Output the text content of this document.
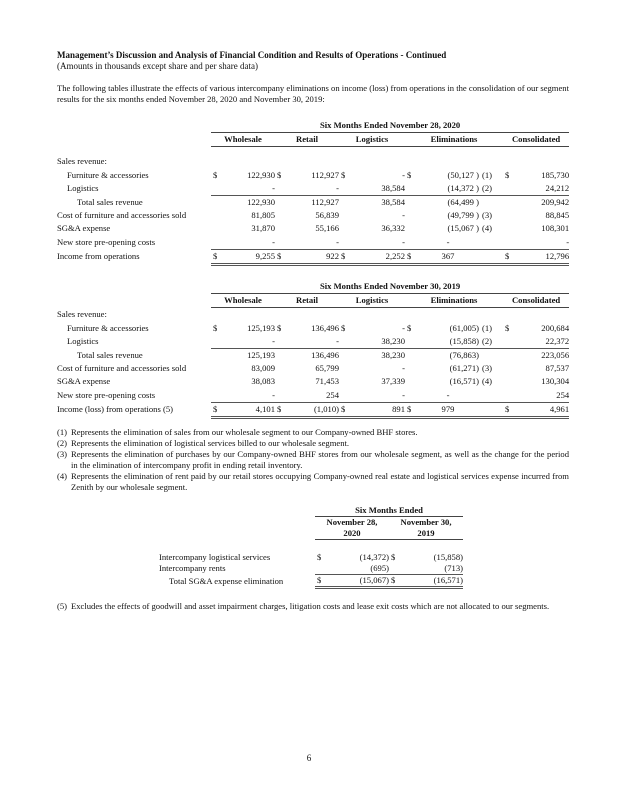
Management’s Discussion and Analysis of Financial Condition and Results of Operations - Continued
(Amounts in thousands except share and per share data)
The following tables illustrate the effects of various intercompany eliminations on income (loss) from operations in the consolidation of our segment results for the six months ended November 28, 2020 and November 30, 2019:
	Six Months Ended November 28, 2020										
	Wholesale		Retail		Logistics		Eliminations			Consolidated	

Sales revenue:											
Furniture & accessories	$	122,930	$	112,927	$	-	$	(50,127 )	(1)	$	185,730
Logistics		-		-		38,584		(14,372 )	(2)		24,212
Total sales revenue		122,930		112,927		38,584		(64,499 )			209,942
Cost of furniture and accessories sold		81,805		56,839		-		(49,799 )	(3)		88,845
SG&A expense		31,870		55,166		36,332		(15,067 )	(4)		108,301
New store pre-opening costs		-		-		-		-			-
Income from operations	$	9,255	$	922	$	2,252	$	367		$	12,796
	Six Months Ended November 30, 2019										
	Wholesale		Retail		Logistics		Eliminations			Consolidated	
Sales revenue:											
Furniture & accessories	$	125,193	$	136,496	$	-	$	(61,005)	(1)	$	200,684
Logistics		-		-		38,230		(15,858)	(2)		22,372
Total sales revenue		125,193		136,496		38,230		(76,863)			223,056
Cost of furniture and accessories sold		83,009		65,799		-		(61,271)	(3)		87,537
SG&A expense		38,083		71,453		37,339		(16,571)	(4)		130,304
New store pre-opening costs		-		254		-		-			254
Income (loss) from operations (5)	$	4,101	$	(1,010)	$	891	$	979		$	4,961
(1) Represents the elimination of sales from our wholesale segment to our Company-owned BHF stores.
(2) Represents the elimination of logistical services billed to our wholesale segment.
(3) Represents the elimination of purchases by our Company-owned BHF stores from our wholesale segment, as well as the change for the period in the elimination of intercompany profit in ending retail inventory.
(4) Represents the elimination of rent paid by our retail stores occupying Company-owned real estate and logistical services expense incurred from Zenith by our wholesale segment.
	Six Months Ended			
	November 28,		November 30,	
	2020		2019	

Intercompany logistical services	$	(14,372)	$	(15,858)
Intercompany rents		(695)		(713)
Total SG&A expense elimination	$	(15,067)	$	(16,571)
(5) Excludes the effects of goodwill and asset impairment charges, litigation costs and lease exit costs which are not allocated to our segments.
6
